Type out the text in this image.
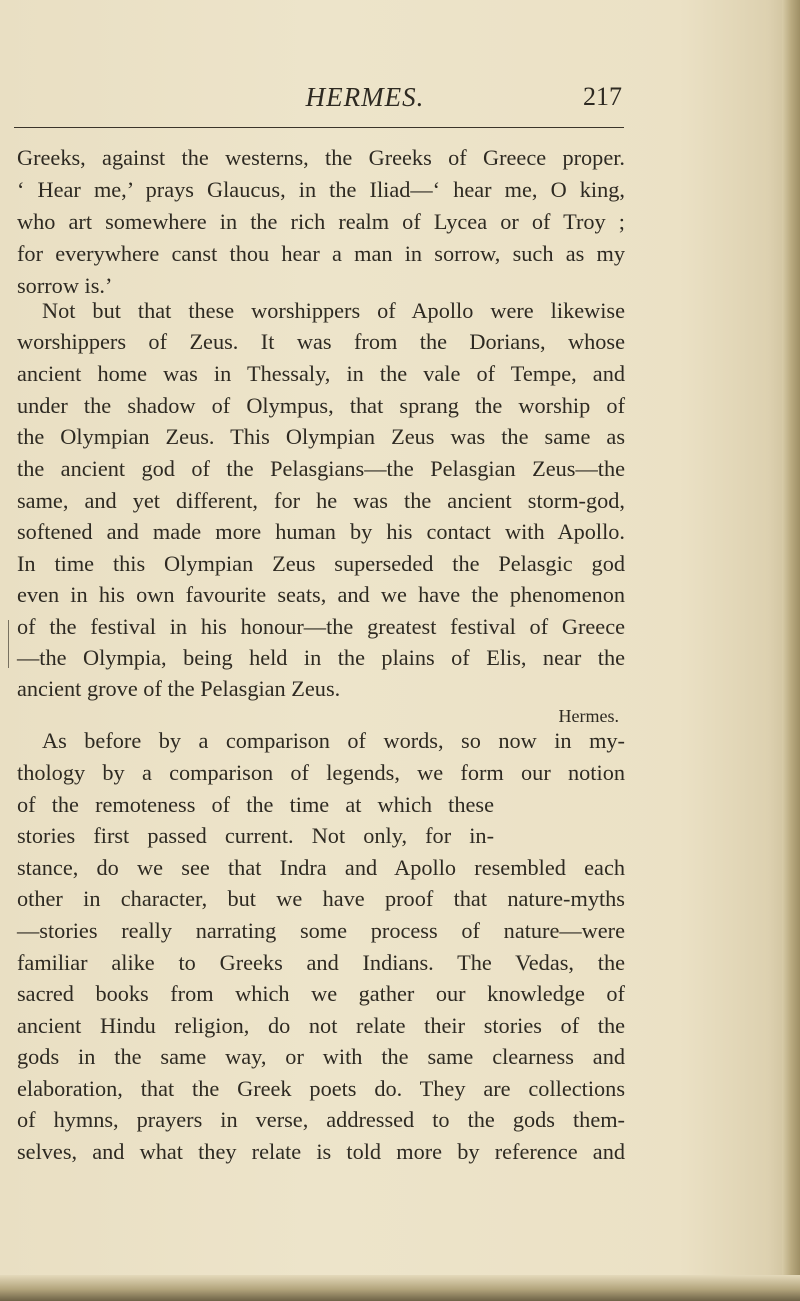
HERMES.	217
Greeks, against the westerns, the Greeks of Greece proper.
‘ Hear me,’ prays Glaucus, in the Iliad—‘ hear me, O king,
who art somewhere in the rich realm of Lycea or of Troy ;
for everywhere canst thou hear a man in sorrow, such as my
sorrow is.’
Not but that these worshippers of Apollo were likewise
worshippers of Zeus. It was from the Dorians, whose
ancient home was in Thessaly, in the vale of Tempe, and
under the shadow of Olympus, that sprang the worship of
the Olympian Zeus. This Olympian Zeus was the same as
the ancient god of the Pelasgians—the Pelasgian Zeus—the
same, and yet different, for he was the ancient storm-god,
softened and made more human by his contact with Apollo.
In time this Olympian Zeus superseded the Pelasgic god
even in his own favourite seats, and we have the phenomenon
of the festival in his honour—the greatest festival of Greece
—the Olympia, being held in the plains of Elis, near the
ancient grove of the Pelasgian Zeus.
As before by a comparison of words, so now in my-
thology by a comparison of legends, we form our notion
of the remoteness of the time at which these
stories first passed current. Not only, for in-
stance, do we see that Indra and Apollo resembled each
other in character, but we have proof that nature-myths
—stories really narrating some process of nature—were
familiar alike to Greeks and Indians. The Vedas, the
sacred books from which we gather our knowledge of
ancient Hindu religion, do not relate their stories of the
gods in the same way, or with the same clearness and
elaboration, that the Greek poets do. They are collections
of hymns, prayers in verse, addressed to the gods them-
selves, and what they relate is told more by reference and
Hermes.
